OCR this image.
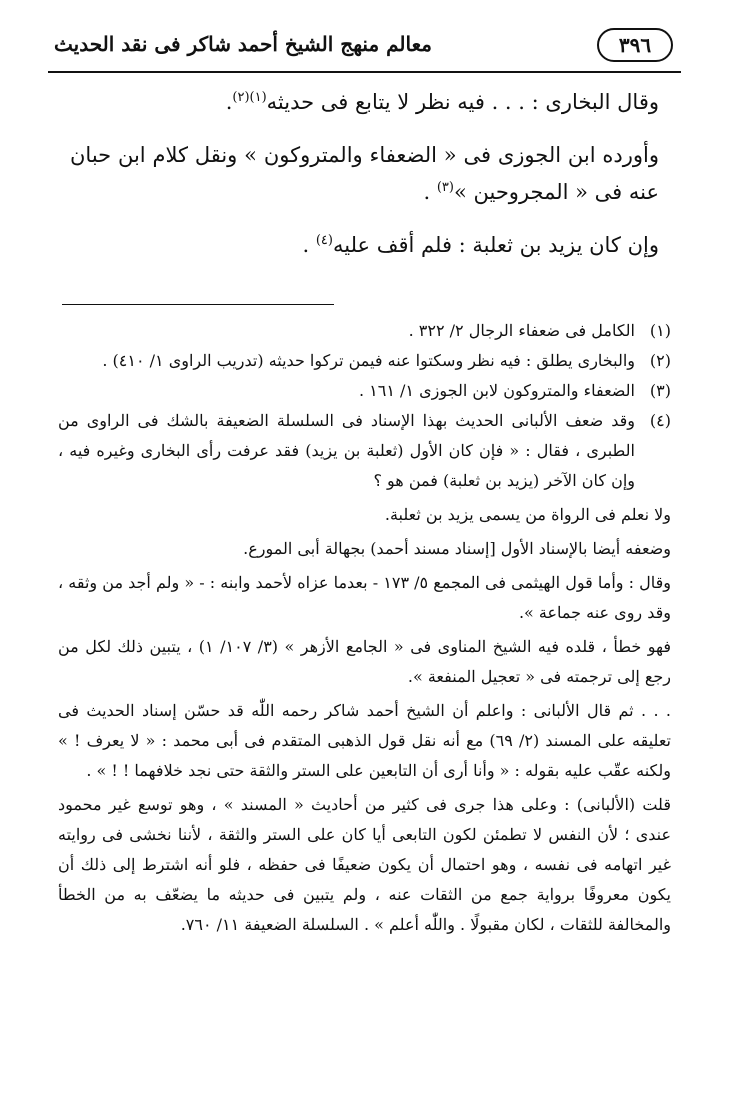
٣٩٦
معالم منهج الشيخ أحمد شاكر فى نقد الحديث

وقال البخارى : . . . فيه نظر لا يتابع فى حديثه$^{(١)(٢)}$.

وأورده ابن الجوزى فى « الضعفاء والمتروكون » ونقل كلام ابن حبان عنه فى « المجروحين »$^{(٣)}$ .

وإن كان يزيد بن ثعلبة : فلم أقف عليه$^{(٤)}$ .

(١)
الكامل فى ضعفاء الرجال ٢/ ٣٢٢ .
(٢)
والبخارى يطلق : فيه نظر وسكتوا عنه فيمن تركوا حديثه (تدريب الراوى ١/ ٤١٠) .
(٣)
الضعفاء والمتروكون لابن الجوزى ١/ ١٦١ .
(٤)
وقد ضعف الألبانى الحديث بهذا الإسناد فى السلسلة الضعيفة بالشك فى الراوى من الطبرى ، فقال : « فإن كان الأول (ثعلبة بن يزيد) فقد عرفت رأى البخارى وغيره فيه ، وإن كان الآخر (يزيد بن ثعلبة) فمن هو ؟
ولا نعلم فى الرواة من يسمى يزيد بن ثعلبة.
وضعفه أيضا بالإسناد الأول [إسناد مسند أحمد) بجهالة أبى المورع.
وقال : وأما قول الهيثمى فى المجمع ٥/ ١٧٣ - بعدما عزاه لأحمد وابنه : - « ولم أجد من وثقه ، وقد روى عنه جماعة ».
فهو خطأ ، قلده فيه الشيخ المناوى فى « الجامع الأزهر » (٣/ ١٠٧/ ١) ، يتبين ذلك لكل من رجع إلى ترجمته فى « تعجيل المنفعة ».
. . . ثم قال الألبانى : واعلم أن الشيخ أحمد شاكر رحمه اللّٰه قد حسّن إسناد الحديث فى تعليقه على المسند (٢/ ٦٩) مع أنه نقل قول الذهبى المتقدم فى أبى محمد : « لا يعرف ! » ولكنه عقّب عليه بقوله : « وأنا أرى أن التابعين على الستر والثقة حتى نجد خلافهما ! ! » .
قلت (الألبانى) : وعلى هذا جرى فى كثير من أحاديث « المسند » ، وهو توسع غير محمود عندى ؛ لأن النفس لا تطمئن لكون التابعى أيا كان على الستر والثقة ، لأننا نخشى فى روايته غير اتهامه فى نفسه ، وهو احتمال أن يكون ضعيفًا فى حفظه ، فلو أنه اشترط إلى ذلك أن يكون معروفًا برواية جمع من الثقات عنه ، ولم يتبين فى حديثه ما يضعّف به من الخطأ والمخالفة للثقات ، لكان مقبولًا . واللّٰه أعلم » . السلسلة الضعيفة ١١/ ٧٦٠.
